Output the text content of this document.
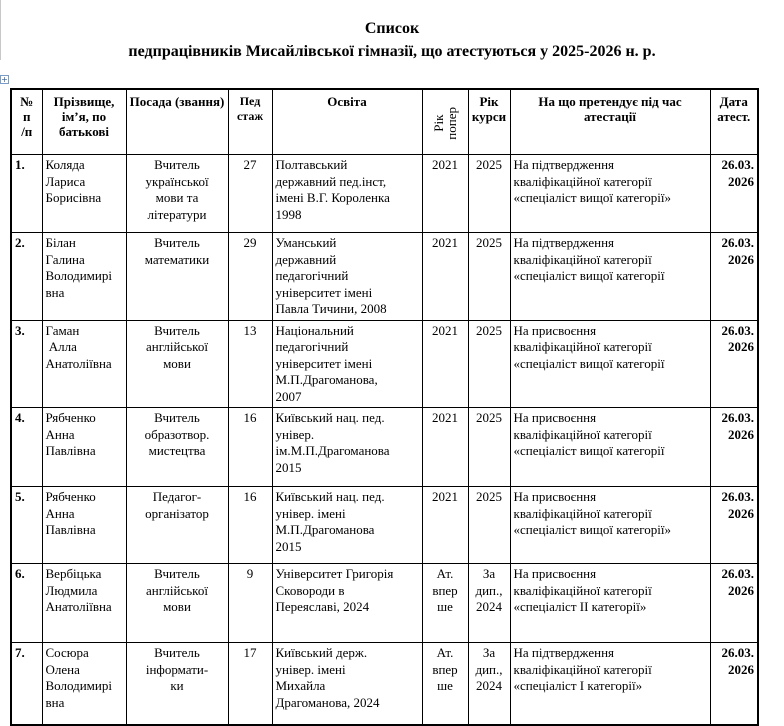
Список
педпрацівників Мисайлівської гімназії, що атестуються у 2025-2026 н. р.
+
№
п
/п	Прізвище, ім’я, по батькові	Посада (звання)	Пед стаж	Освіта	Рік
попер	Рік курси	На що претендує під час атестації	Дата атест.
1.	Коляда
Лариса
Борисівна	Вчитель
української
мови та
літератури	27	Полтавський
державний пед.інст,
імені В.Г. Короленка
1998	2021	2025	На підтвердження
кваліфікаційної категорії
«спеціаліст вищої категорії»	26.03.
2026
2.	Білан
Галина
Володимирі
вна	Вчитель
математики	29	Уманський
державний
педагогічний
університет імені
Павла Тичини, 2008	2021	2025	На підтвердження
кваліфікаційної категорії
«спеціаліст вищої категорії	26.03.
2026
3.	Гаман
Алла
Анатоліївна	Вчитель
англійської
мови	13	Національний
педагогічний
університет імені
М.П.Драгоманова,
2007	2021	2025	На присвоєння
кваліфікаційної категорії
«спеціаліст вищої категорії	26.03.
2026
4.	Рябченко
Анна
Павлівна	Вчитель
образотвор.
мистецтва	16	Київський нац. пед.
універ.
ім.М.П.Драгоманова
2015	2021	2025	На присвоєння
кваліфікаційної категорії
«спеціаліст вищої категорії	26.03.
2026
5.	Рябченко
Анна
Павлівна	Педагог-
організатор	16	Київський нац. пед.
універ. імені
М.П.Драгоманова
2015	2021	2025	На присвоєння
кваліфікаційної категорії
«спеціаліст вищої категорії»	26.03.
2026
6.	Вербіцька
Людмила
Анатоліївна	Вчитель
англійської
мови	9	Університет Григорія
Сковороди в
Переяславі, 2024	Ат.
впер
ше	За
дип.,
2024	На присвоєння
кваліфікаційної категорії
«спеціаліст ІІ категорії»	26.03.
2026
7.	Сосюра
Олена
Володимирі
вна	Вчитель
інформати-
ки	17	Київський держ.
універ. імені
Михайла
Драгоманова, 2024	Ат.
впер
ше	За
дип.,
2024	На підтвердження
кваліфікаційної категорії
«спеціаліст І категорії»	26.03.
2026
